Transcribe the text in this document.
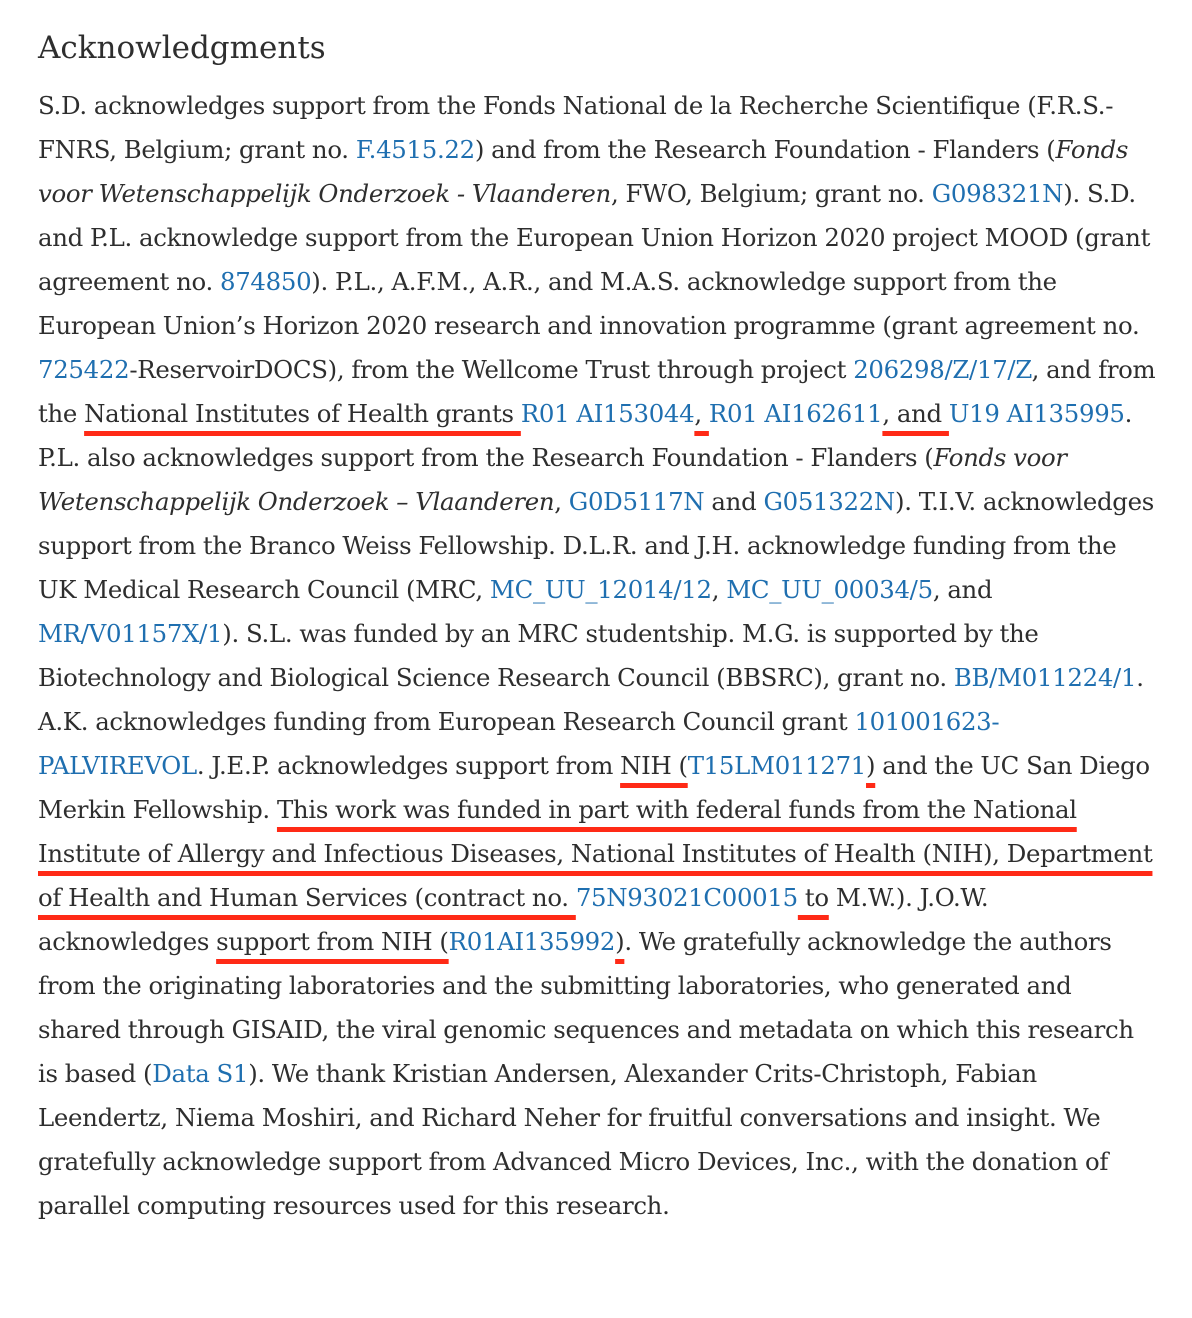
Acknowledgments

S.D. acknowledges support from the Fonds National de la Recherche Scientifique (F.R.S.-FNRS, Belgium; grant no. F.4515.22) and from the Research Foundation - Flanders (Fonds voor Wetenschappelijk Onderzoek - Vlaanderen, FWO, Belgium; grant no. G098321N). S.D. and P.L. acknowledge support from the European Union Horizon 2020 project MOOD (grant agreement no. 874850). P.L., A.F.M., A.R., and M.A.S. acknowledge support from the European Union’s Horizon 2020 research and innovation programme (grant agreement no. 725422-ReservoirDOCS), from the Wellcome Trust through project 206298/Z/17/Z, and from the National Institutes of Health grants R01 AI153044, R01 AI162611, and U19 AI135995. P.L. also acknowledges support from the Research Foundation - Flanders (Fonds voor Wetenschappelijk Onderzoek – Vlaanderen, G0D5117N and G051322N). T.I.V. acknowledges support from the Branco Weiss Fellowship. D.L.R. and J.H. acknowledge funding from the UK Medical Research Council (MRC, MC_UU_12014/12, MC_UU_00034/5, and MR/V01157X/1). S.L. was funded by an MRC studentship. M.G. is supported by the Biotechnology and Biological Science Research Council (BBSRC), grant no. BB/M011224/1. A.K. acknowledges funding from European Research Council grant 101001623-PALVIREVOL. J.E.P. acknowledges support from NIH (T15LM011271) and the UC San Diego Merkin Fellowship. This work was funded in part with federal funds from the National Institute of Allergy and Infectious Diseases, National Institutes of Health (NIH), Department of Health and Human Services (contract no. 75N93021C00015 to M.W.). J.O.W. acknowledges support from NIH (R01AI135992). We gratefully acknowledge the authors from the originating laboratories and the submitting laboratories, who generated and shared through GISAID, the viral genomic sequences and metadata on which this research is based (Data S1). We thank Kristian Andersen, Alexander Crits-Christoph, Fabian Leendertz, Niema Moshiri, and Richard Neher for fruitful conversations and insight. We gratefully acknowledge support from Advanced Micro Devices, Inc., with the donation of parallel computing resources used for this research.
